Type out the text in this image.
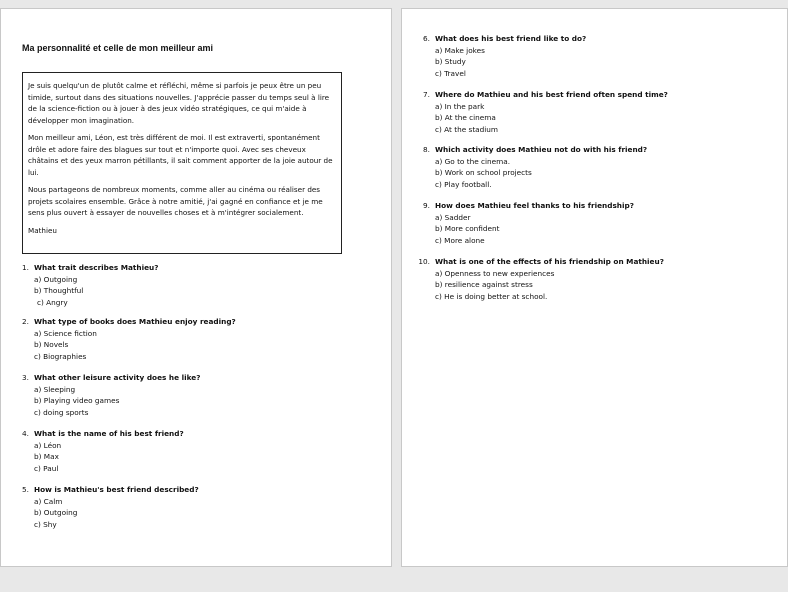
Ma personnalité et celle de mon meilleur ami

Je suis quelqu'un de plutôt calme et réfléchi, même si parfois je peux être un peu timide, surtout dans des situations nouvelles. J'apprécie passer du temps seul à lire de la science-fiction ou à jouer à des jeux vidéo stratégiques, ce qui m'aide à développer mon imagination.

Mon meilleur ami, Léon, est très différent de moi. Il est extraverti, spontanément drôle et adore faire des blagues sur tout et n'importe quoi. Avec ses cheveux châtains et des yeux marron pétillants, il sait comment apporter de la joie autour de lui.

Nous partageons de nombreux moments, comme aller au cinéma ou réaliser des projets scolaires ensemble. Grâce à notre amitié, j'ai gagné en confiance et je me sens plus ouvert à essayer de nouvelles choses et à m'intégrer socialement.

Mathieu
1. What trait describes Mathieu?
a) Outgoing
b) Thoughtful
c) Angry
2. What type of books does Mathieu enjoy reading?
a) Science fiction
b) Novels
c) Biographies
3. What other leisure activity does he like?
a) Sleeping
b) Playing video games
c) doing sports
4. What is the name of his best friend?
a) Léon
b) Max
c) Paul
5. How is Mathieu's best friend described?
a) Calm
b) Outgoing
c) Shy
6. What does his best friend like to do?
a) Make jokes
b) Study
c) Travel
7. Where do Mathieu and his best friend often spend time?
a) In the park
b) At the cinema
c) At the stadium
8. Which activity does Mathieu not do with his friend?
a) Go to the cinema.
b) Work on school projects
c) Play football.
9. How does Mathieu feel thanks to his friendship?
a) Sadder
b) More confident
c) More alone
10. What is one of the effects of his friendship on Mathieu?
a) Openness to new experiences
b) resilience against stress
c) He is doing better at school.
